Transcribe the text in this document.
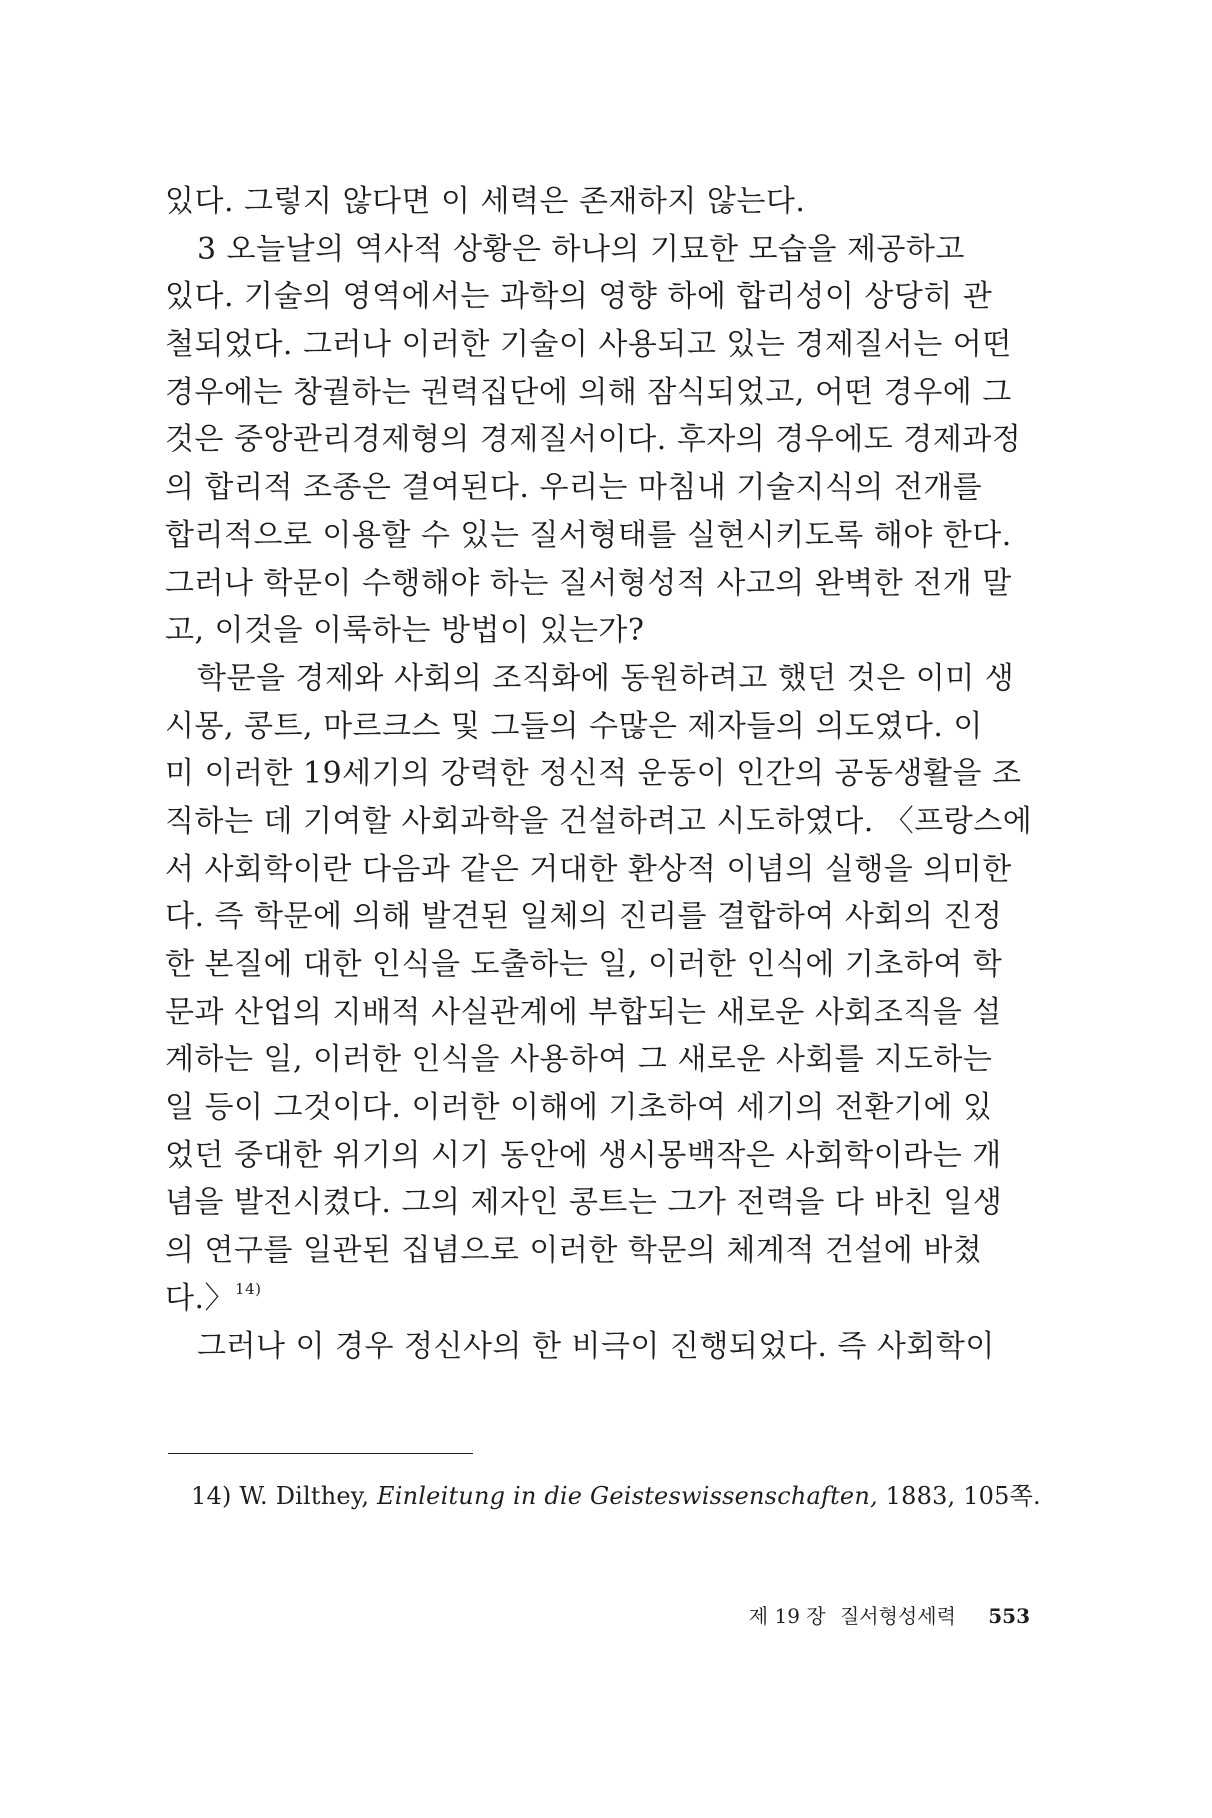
있다. 그렇지 않다면 이 세력은 존재하지 않는다.
3 오늘날의 역사적 상황은 하나의 기묘한 모습을 제공하고
있다. 기술의 영역에서는 과학의 영향 하에 합리성이 상당히 관
철되었다. 그러나 이러한 기술이 사용되고 있는 경제질서는 어떤
경우에는 창궐하는 권력집단에 의해 잠식되었고, 어떤 경우에 그
것은 중앙관리경제형의 경제질서이다. 후자의 경우에도 경제과정
의 합리적 조종은 결여된다. 우리는 마침내 기술지식의 전개를
합리적으로 이용할 수 있는 질서형태를 실현시키도록 해야 한다.
그러나 학문이 수행해야 하는 질서형성적 사고의 완벽한 전개 말
고, 이것을 이룩하는 방법이 있는가?
학문을 경제와 사회의 조직화에 동원하려고 했던 것은 이미 생
시몽, 콩트, 마르크스 및 그들의 수많은 제자들의 의도였다. 이
미 이러한 19세기의 강력한 정신적 운동이 인간의 공동생활을 조
직하는 데 기여할 사회과학을 건설하려고 시도하였다. 〈프랑스에
서 사회학이란 다음과 같은 거대한 환상적 이념의 실행을 의미한
다. 즉 학문에 의해 발견된 일체의 진리를 결합하여 사회의 진정
한 본질에 대한 인식을 도출하는 일, 이러한 인식에 기초하여 학
문과 산업의 지배적 사실관계에 부합되는 새로운 사회조직을 설
계하는 일, 이러한 인식을 사용하여 그 새로운 사회를 지도하는
일 등이 그것이다. 이러한 이해에 기초하여 세기의 전환기에 있
었던 중대한 위기의 시기 동안에 생시몽백작은 사회학이라는 개
념을 발전시켰다. 그의 제자인 콩트는 그가 전력을 다 바친 일생
의 연구를 일관된 집념으로 이러한 학문의 체계적 건설에 바쳤
다.〉$^{14)}$
그러나 이 경우 정신사의 한 비극이 진행되었다. 즉 사회학이
14) W. Dilthey, Einleitung in die Geisteswissenschaften, 1883, 105쪽.
제 19 장 질서형성세력 553
